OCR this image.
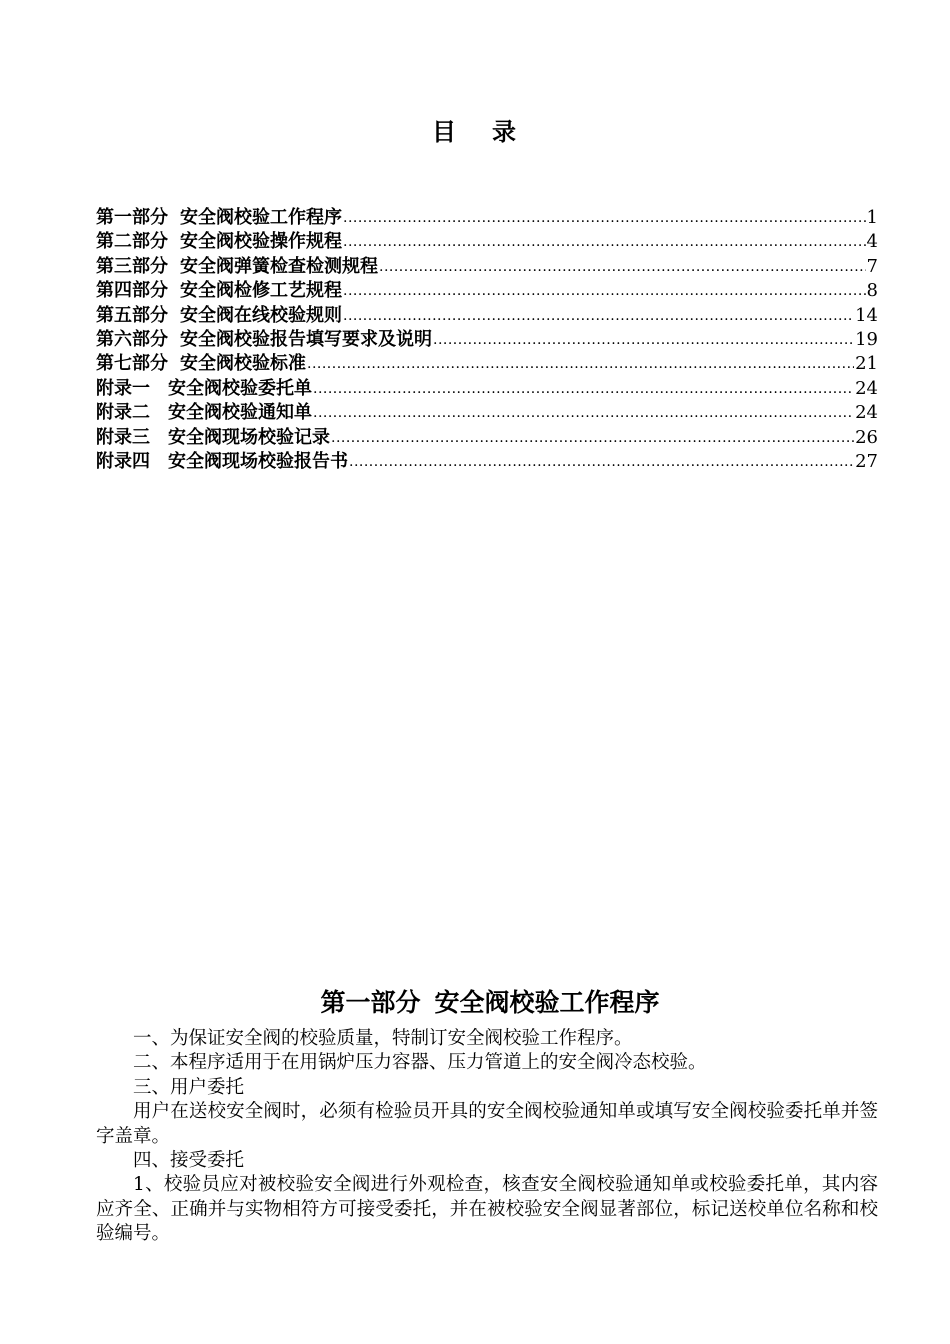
目 录
第一部分 安全阀校验工作程序 .....	1
第二部分 安全阀校验操作规程 .....	4
第三部分 安全阀弹簧检查检测规程 .....	7
第四部分 安全阀检修工艺规程 .....	8
第五部分 安全阀在线校验规则 .....	14
第六部分 安全阀校验报告填写要求及说明 .....	19
第七部分 安全阀校验标准 .....	21
附录一 安全阀校验委托单 .....	24
附录二 安全阀校验通知单 .....	24
附录三 安全阀现场校验记录 .....	26
附录四 安全阀现场校验报告书 .....	27
第一部分 安全阀校验工作程序

一、为保证安全阀的校验质量，特制订安全阀校验工作程序。

二、本程序适用于在用锅炉压力容器、压力管道上的安全阀冷态校验。

三、用户委托

用户在送校安全阀时，必须有检验员开具的安全阀校验通知单或填写安全阀校验委托单并签字盖章。

四、接受委托

1、校验员应对被校验安全阀进行外观检查，核查安全阀校验通知单或校验委托单，其内容应齐全、正确并与实物相符方可接受委托，并在被校验安全阀显著部位，标记送校单位名称和校验编号。
